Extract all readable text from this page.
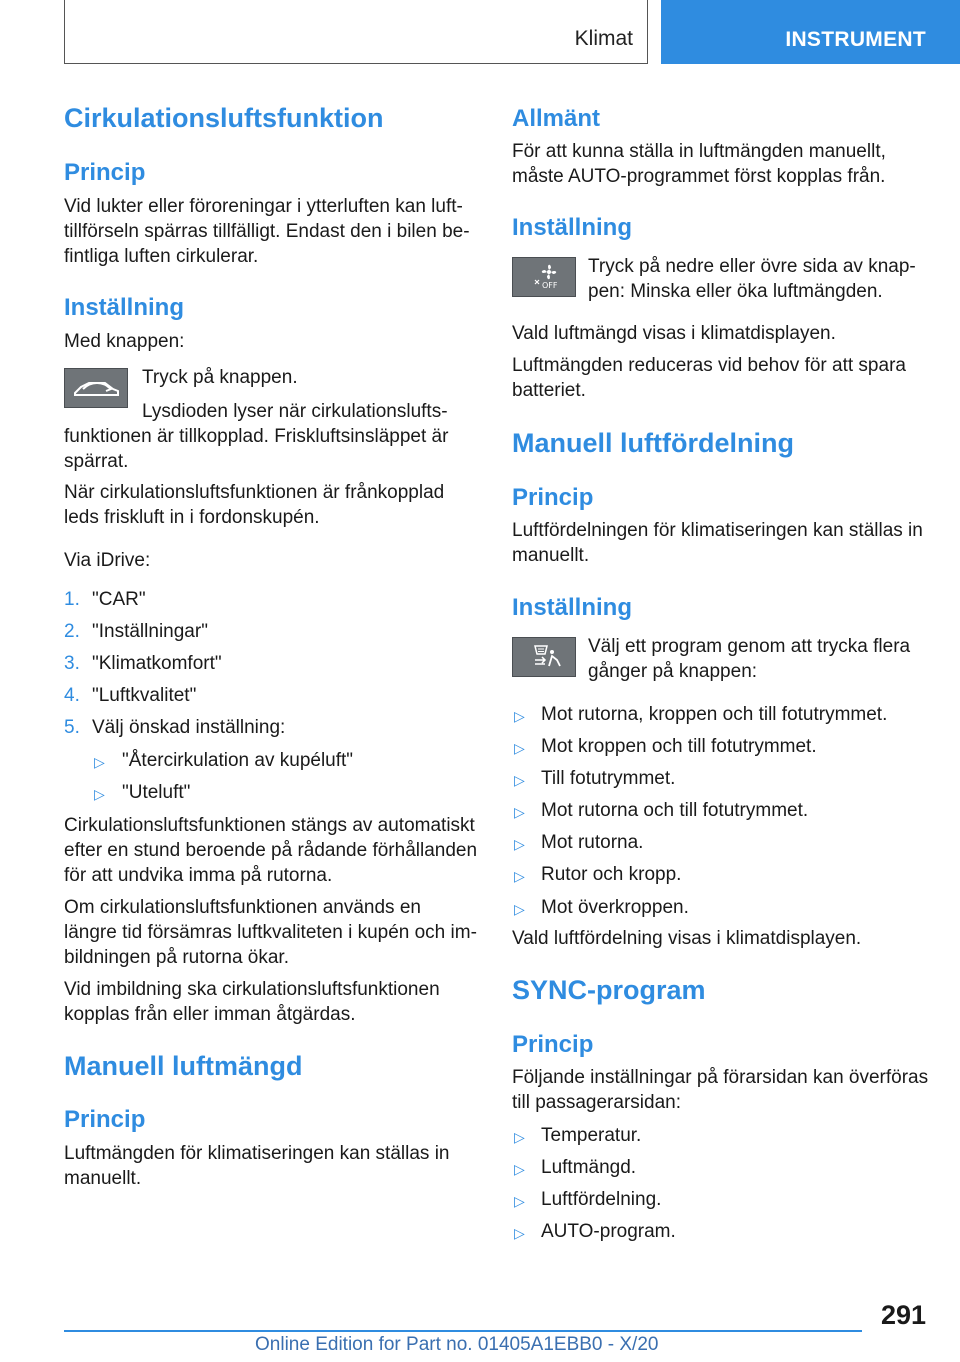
Klimat	INSTRUMENT
Cirkulationsluftsfunktion
Princip

Vid lukter eller föroreningar i ytterluften kan luft-

tillförseln spärras tillfälligt. Endast den i bilen be-

fintliga luften cirkulerar.

Inställning

Med knappen:

Tryck på knappen.

Lysdioden lyser när cirkulationslufts-

funktionen är tillkopplad. Friskluftsinsläppet är

spärrat.

När cirkulationsluftsfunktionen är frånkopplad

leds friskluft in i fordonskupén.

Via iDrive:

1. "CAR"
2. "Inställningar"
3. "Klimatkomfort"
4. "Luftkvalitet"
5. Välj önskad inställning:
▷ "Återcirkulation av kupéluft"
▷ "Uteluft"

Cirkulationsluftsfunktionen stängs av automatiskt

efter en stund beroende på rådande förhållanden

för att undvika imma på rutorna.

Om cirkulationsluftsfunktionen används en

längre tid försämras luftkvaliteten i kupén och im-

bildningen på rutorna ökar.

Vid imbildning ska cirkulationsluftsfunktionen

kopplas från eller imman åtgärdas.

Manuell luftmängd
Princip

Luftmängden för klimatiseringen kan ställas in

manuellt.

Allmänt

För att kunna ställa in luftmängden manuellt,

måste AUTO-programmet först kopplas från.

Inställning
OFF

Tryck på nedre eller övre sida av knap-

pen: Minska eller öka luftmängden.

Vald luftmängd visas i klimatdisplayen.

Luftmängden reduceras vid behov för att spara

batteriet.

Manuell luftfördelning
Princip

Luftfördelningen för klimatiseringen kan ställas in

manuellt.

Inställning

Välj ett program genom att trycka flera

gånger på knappen:

▷ Mot rutorna, kroppen och till fotutrymmet.
▷ Mot kroppen och till fotutrymmet.
▷ Till fotutrymmet.
▷ Mot rutorna och till fotutrymmet.
▷ Mot rutorna.
▷ Rutor och kropp.
▷ Mot överkroppen.

Vald luftfördelning visas i klimatdisplayen.

SYNC-program
Princip

Följande inställningar på förarsidan kan överföras

till passagerarsidan:

▷ Temperatur.
▷ Luftmängd.
▷ Luftfördelning.
▷ AUTO-program.
291
Online Edition for Part no. 01405A1EBB0 - X/20
